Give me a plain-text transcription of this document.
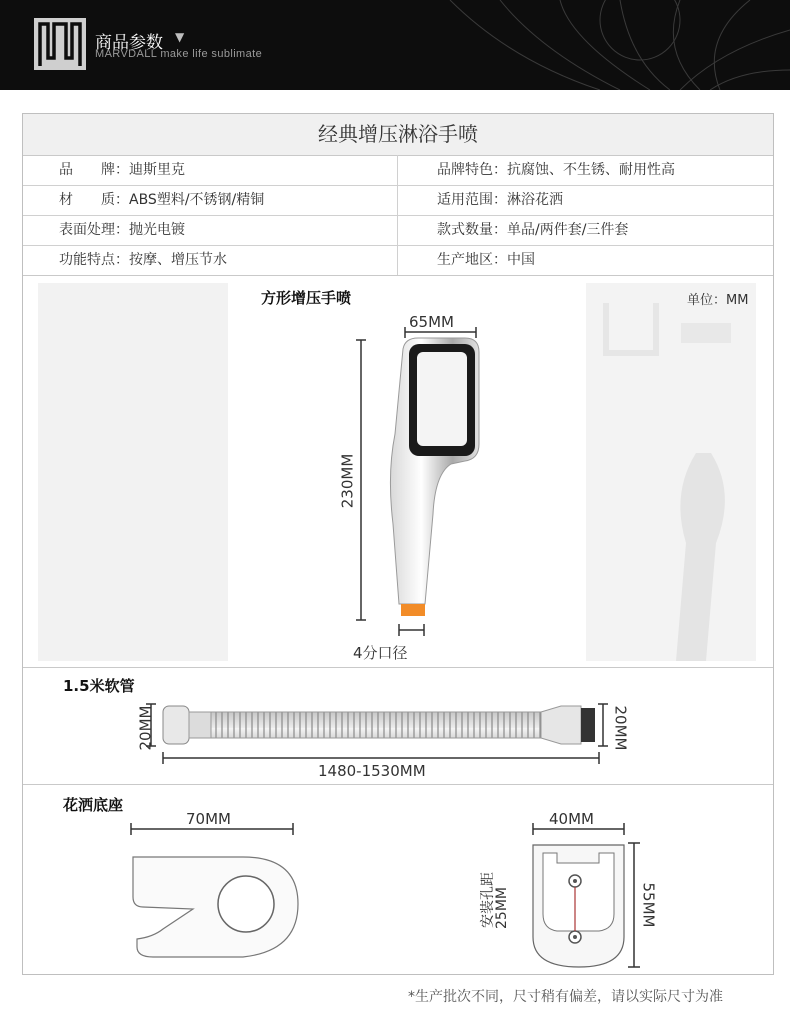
商品参数 ▼
MARVDALL make life sublimate
经典增压淋浴手喷
品　　牌：迪斯里克	品牌特色：抗腐蚀、不生锈、耐用性高
材　　质：ABS塑料/不锈钢/精铜	适用范围：淋浴花洒
表面处理：抛光电镀	款式数量：单品/两件套/三件套
功能特点：按摩、增压节水	生产地区：中国
方形增压手喷	单位：MM
65MM
230MM
4分口径
1.5米软管
20MM	20MM
1480-1530MM
花洒底座
70MM	40MM
55MM
安装孔距
25MM
*生产批次不同，尺寸稍有偏差，请以实际尺寸为准
